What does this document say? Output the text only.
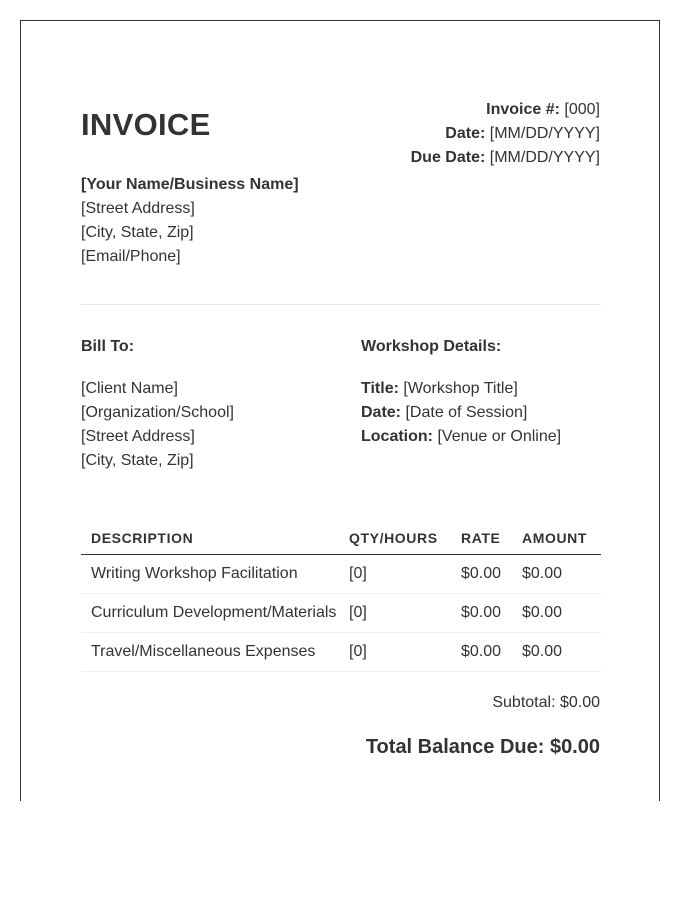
INVOICE	Invoice #: [000]
Date: [MM/DD/YYYY]
Due Date: [MM/DD/YYYY]
[Your Name/Business Name]
[Street Address]
[City, State, Zip]
[Email/Phone]
Bill To:	Workshop Details:
[Client Name]
[Organization/School]
[Street Address]
[City, State, Zip]
Title: [Workshop Title]
Date: [Date of Session]
Location: [Venue or Online]
DESCRIPTION	QTY/HOURS	RATE	AMOUNT
Writing Workshop Facilitation	[0]	$0.00	$0.00
Curriculum Development/Materials	[0]	$0.00	$0.00
Travel/Miscellaneous Expenses	[0]	$0.00	$0.00
Subtotal: $0.00
Total Balance Due: $0.00
